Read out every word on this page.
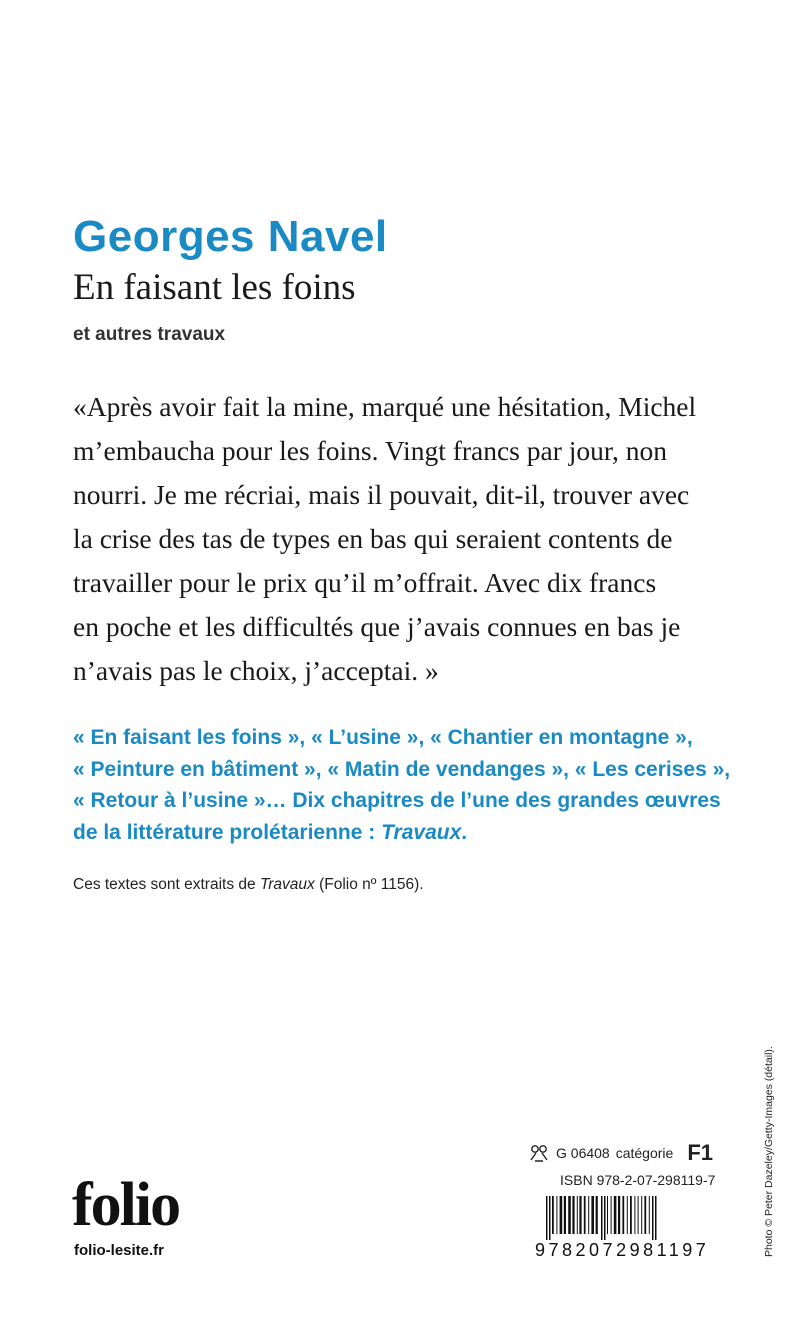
Georges Navel
En faisant les foins
et autres travaux
«Après avoir fait la mine, marqué une hésitation, Michel
m’embaucha pour les foins. Vingt francs par jour, non
nourri. Je me récriai, mais il pouvait, dit-il, trouver avec
la crise des tas de types en bas qui seraient contents de
travailler pour le prix qu’il m’offrait. Avec dix francs
en poche et les difficultés que j’avais connues en bas je
n’avais pas le choix, j’acceptai. »
« En faisant les foins », « L’usine », « Chantier en montagne »,
« Peinture en bâtiment », « Matin de vendanges », « Les cerises »,
« Retour à l’usine »… Dix chapitres de l’une des grandes œuvres
de la littérature prolétarienne : Travaux.
Ces textes sont extraits de Travaux (Folio nº 1156).
Photo © Peter Dazeley/Getty-Images (détail).
folio
folio-lesite.fr
G 06408 catégorie F1
ISBN 978-2-07-298119-7
9782072981197
